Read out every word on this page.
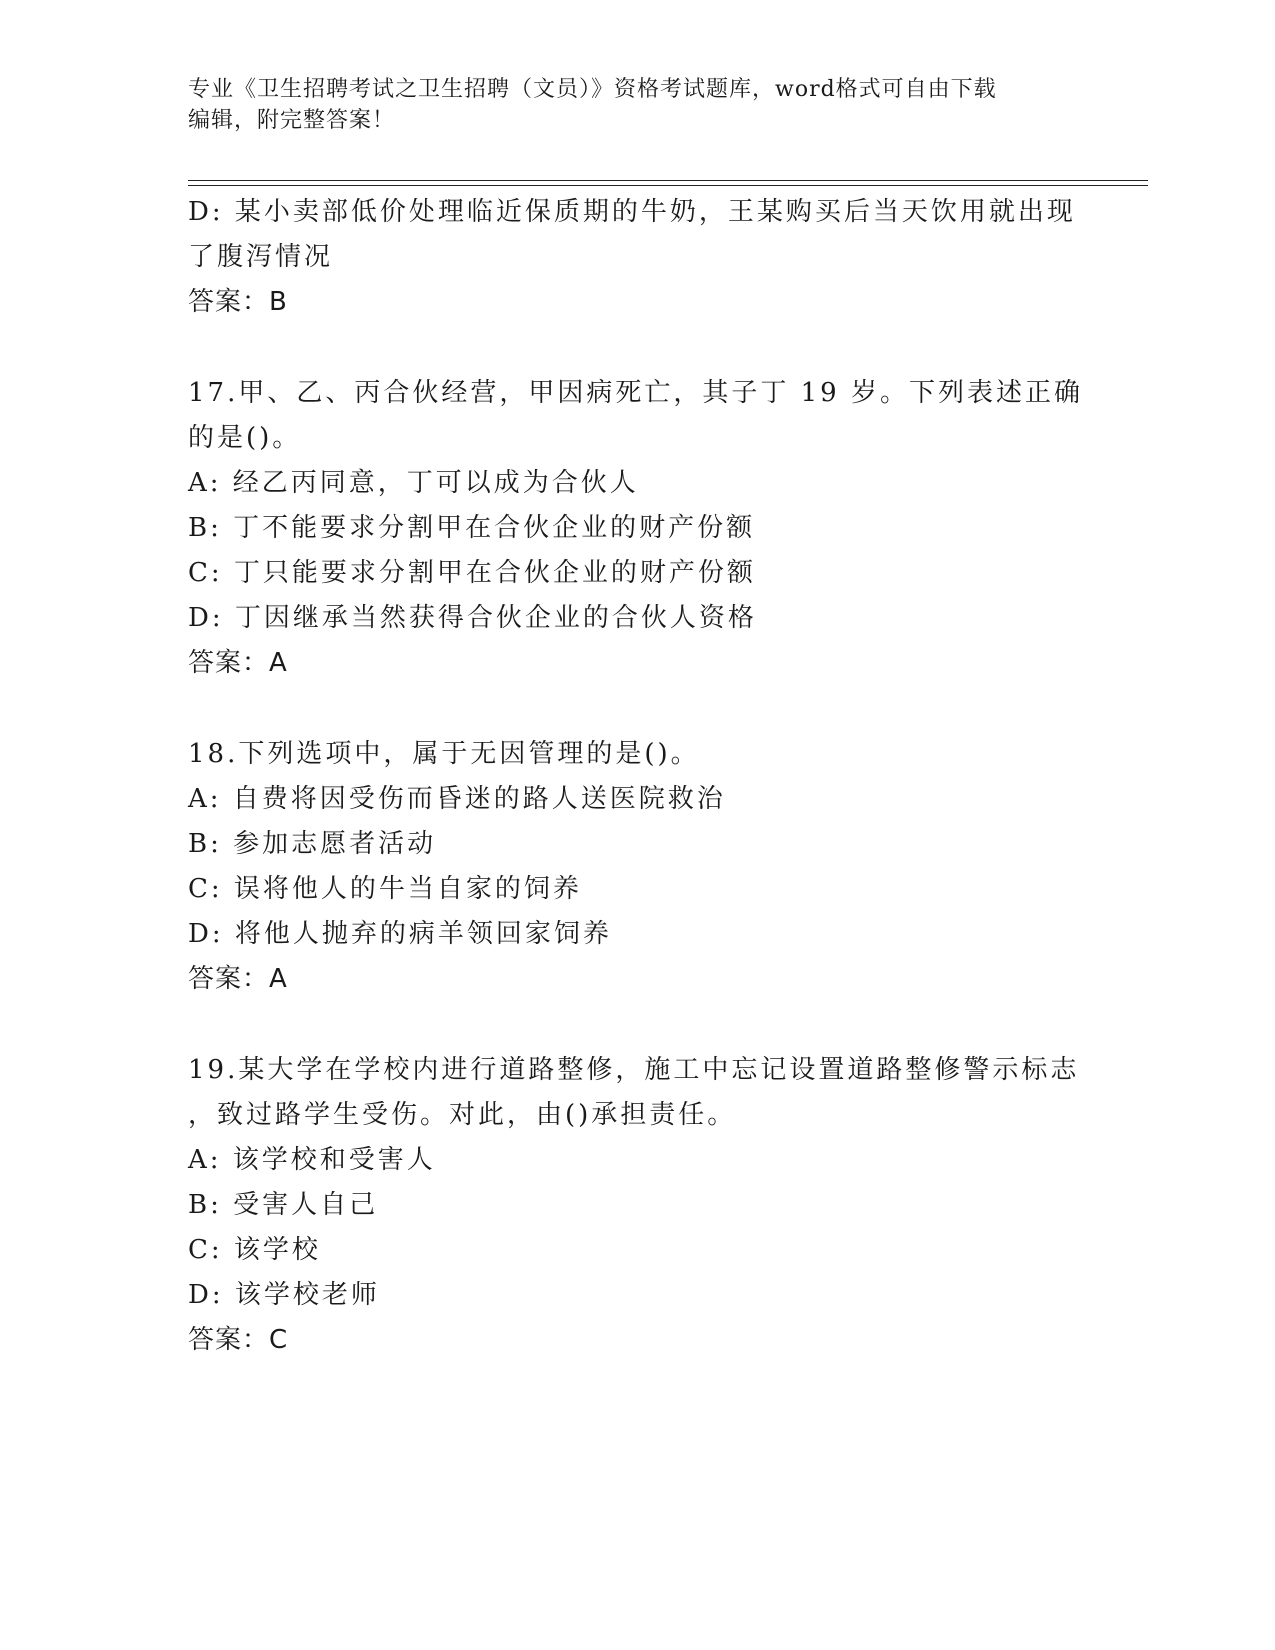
专业《卫生招聘考试之卫生招聘（文员）》资格考试题库，word格式可自由下载
编辑，附完整答案！
D: 某小卖部低价处理临近保质期的牛奶，王某购买后当天饮用就出现
了腹泻情况
答案：B
17.甲、乙、丙合伙经营，甲因病死亡，其子丁 19 岁。下列表述正确
的是()。
A: 经乙丙同意，丁可以成为合伙人
B: 丁不能要求分割甲在合伙企业的财产份额
C: 丁只能要求分割甲在合伙企业的财产份额
D: 丁因继承当然获得合伙企业的合伙人资格
答案：A
18.下列选项中，属于无因管理的是()。
A: 自费将因受伤而昏迷的路人送医院救治
B: 参加志愿者活动
C: 误将他人的牛当自家的饲养
D: 将他人抛弃的病羊领回家饲养
答案：A
19.某大学在学校内进行道路整修，施工中忘记设置道路整修警示标志
，致过路学生受伤。对此，由()承担责任。
A: 该学校和受害人
B: 受害人自己
C: 该学校
D: 该学校老师
答案：C
